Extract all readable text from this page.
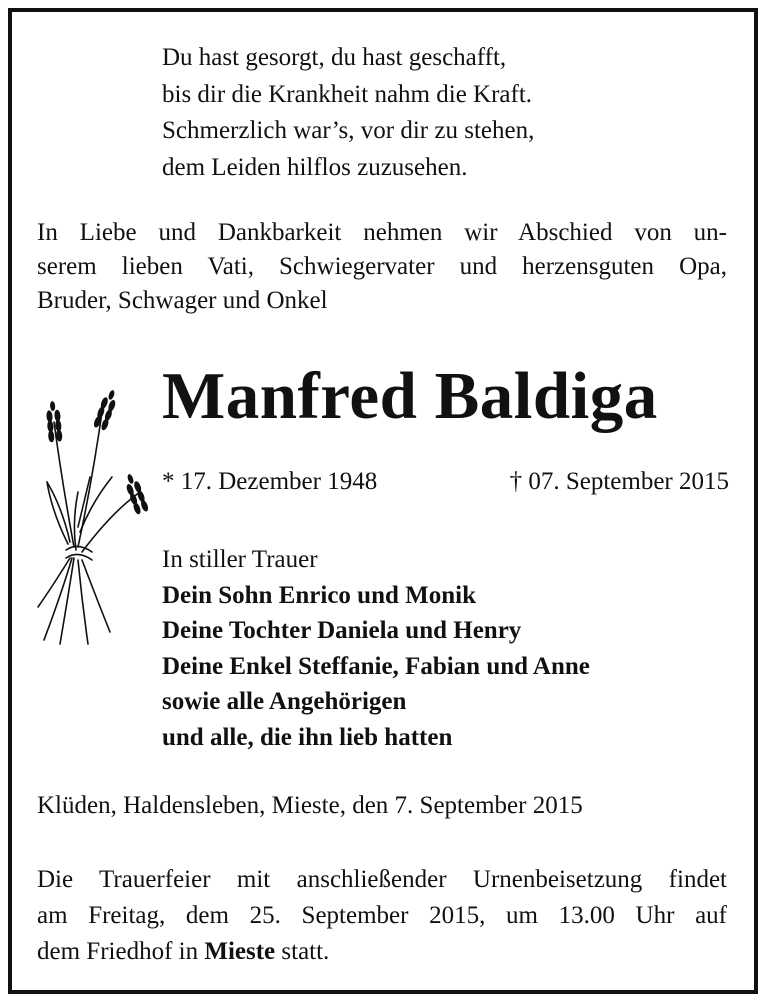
Du hast gesorgt, du hast geschafft,
bis dir die Krankheit nahm die Kraft.
Schmerzlich war’s, vor dir zu stehen,
dem Leiden hilflos zuzusehen.
In Liebe und Dankbarkeit nehmen wir Abschied von un-
serem lieben Vati, Schwiegervater und herzensguten Opa,
Bruder, Schwager und Onkel
Manfred Baldiga
* 17. Dezember 1948	† 07. September 2015
In stiller Trauer
Dein Sohn Enrico und Monik
Deine Tochter Daniela und Henry
Deine Enkel Steffanie, Fabian und Anne
sowie alle Angehörigen
und alle, die ihn lieb hatten
Klüden, Haldensleben, Mieste, den 7. September 2015
Die Trauerfeier mit anschließender Urnenbeisetzung findet
am Freitag, dem 25. September 2015, um 13.00 Uhr auf
dem Friedhof in Mieste statt.
